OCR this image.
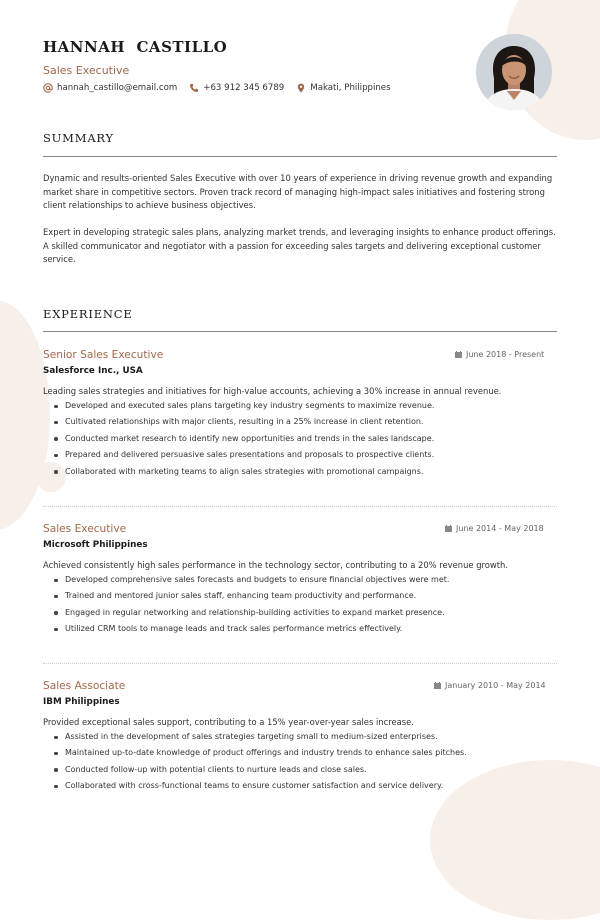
HANNAH  CASTILLO
Sales Executive
hannah_castillo@email.com	+63 912 345 6789	Makati, Philippines
SUMMARY
Dynamic and results-oriented Sales Executive with over 10 years of experience in driving revenue growth and expanding market share in competitive sectors. Proven track record of managing high-impact sales initiatives and fostering strong client relationships to achieve business objectives.
Expert in developing strategic sales plans, analyzing market trends, and leveraging insights to enhance product offerings. A skilled communicator and negotiator with a passion for exceeding sales targets and delivering exceptional customer service.
EXPERIENCE
Senior Sales Executive	June 2018 - Present
Salesforce Inc., USA
Leading sales strategies and initiatives for high-value accounts, achieving a 30% increase in annual revenue.
Developed and executed sales plans targeting key industry segments to maximize revenue.
Cultivated relationships with major clients, resulting in a 25% increase in client retention.
Conducted market research to identify new opportunities and trends in the sales landscape.
Prepared and delivered persuasive sales presentations and proposals to prospective clients.
Collaborated with marketing teams to align sales strategies with promotional campaigns.
Sales Executive	June 2014 - May 2018
Microsoft Philippines
Achieved consistently high sales performance in the technology sector, contributing to a 20% revenue growth.
Developed comprehensive sales forecasts and budgets to ensure financial objectives were met.
Trained and mentored junior sales staff, enhancing team productivity and performance.
Engaged in regular networking and relationship-building activities to expand market presence.
Utilized CRM tools to manage leads and track sales performance metrics effectively.
Sales Associate	January 2010 - May 2014
IBM Philippines
Provided exceptional sales support, contributing to a 15% year-over-year sales increase.
Assisted in the development of sales strategies targeting small to medium-sized enterprises.
Maintained up-to-date knowledge of product offerings and industry trends to enhance sales pitches.
Conducted follow-up with potential clients to nurture leads and close sales.
Collaborated with cross-functional teams to ensure customer satisfaction and service delivery.
